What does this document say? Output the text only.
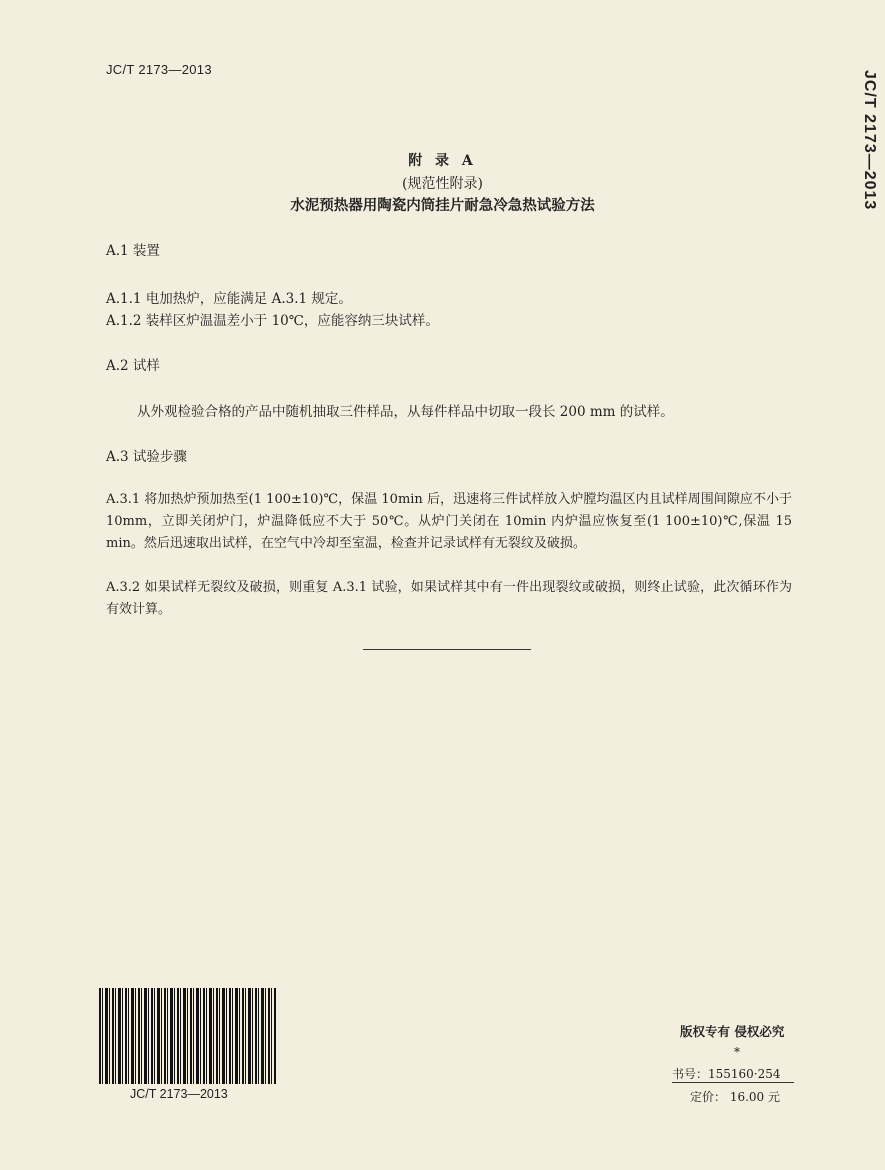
JC/T 2173—2013
JC/T 2173—2013
附 录 A
(规范性附录)
水泥预热器用陶瓷内筒挂片耐急冷急热试验方法
A.1 装置
A.1.1 电加热炉，应能满足 A.3.1 规定。
A.1.2 装样区炉温温差小于 10℃，应能容纳三块试样。
A.2 试样
从外观检验合格的产品中随机抽取三件样品，从每件样品中切取一段长 200 mm 的试样。
A.3 试验步骤
A.3.1 将加热炉预加热至(1 100±10)℃，保温 10min 后，迅速将三件试样放入炉膛均温区内且试样周围间隙应不小于 10mm，立即关闭炉门，炉温降低应不大于 50℃。从炉门关闭在 10min 内炉温应恢复至(1 100±10)℃,保温 15 min。然后迅速取出试样，在空气中冷却至室温，检查并记录试样有无裂纹及破损。
A.3.2 如果试样无裂纹及破损，则重复 A.3.1 试验，如果试样其中有一件出现裂纹或破损，则终止试验，此次循环作为有效计算。
JC/T 2173—2013
版权专有 侵权必究
*
书号：155160·254
定价： 16.00 元
